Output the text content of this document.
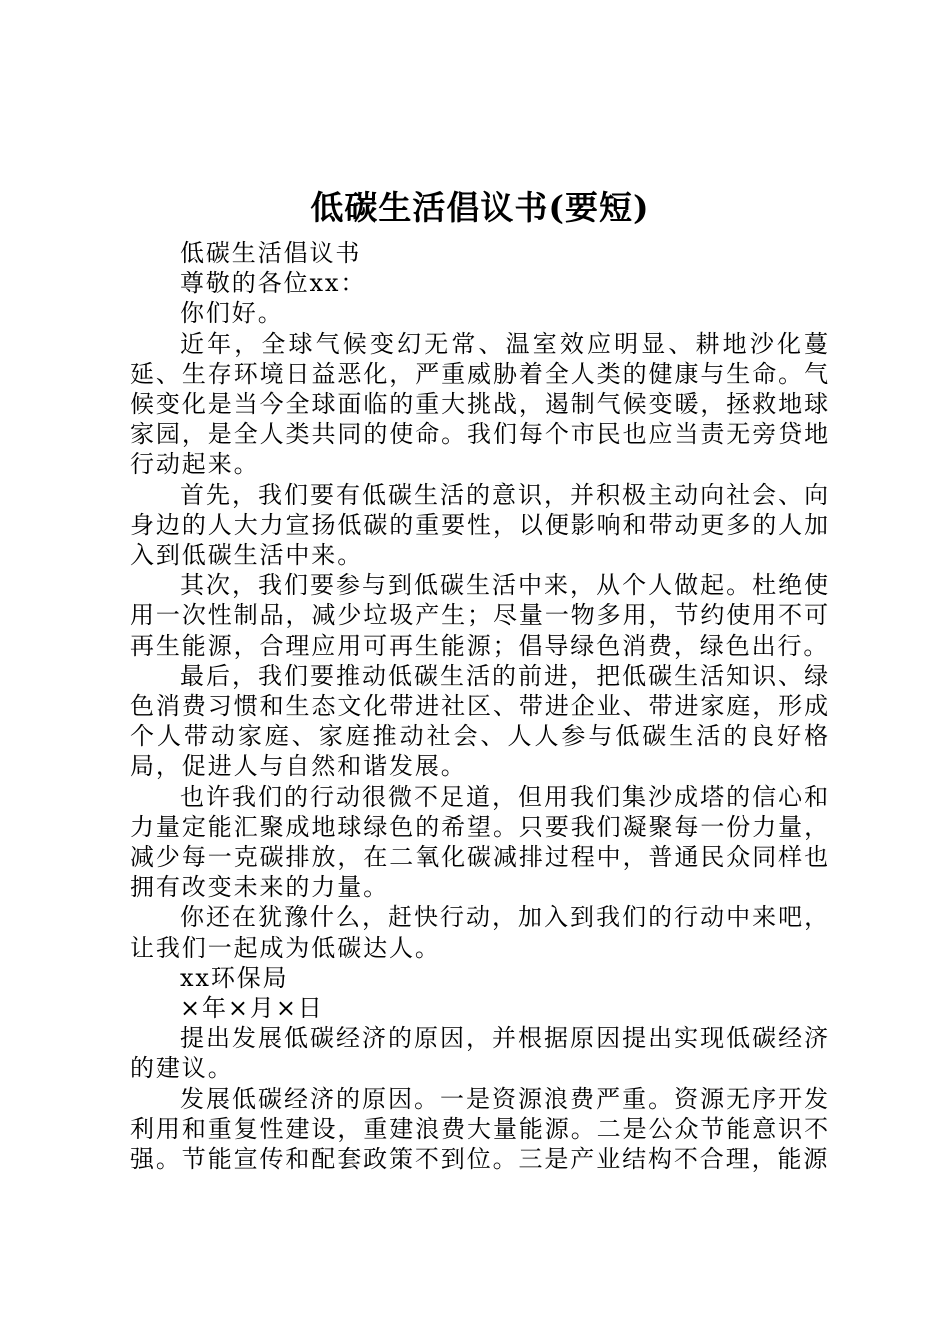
低碳生活倡议书(要短)

低碳生活倡议书

尊敬的各位xx：

你们好。

近年，全球气候变幻无常、温室效应明显、耕地沙化蔓延、生存环境日益恶化，严重威胁着全人类的健康与生命。气候变化是当今全球面临的重大挑战，遏制气候变暖，拯救地球家园，是全人类共同的使命。我们每个市民也应当责无旁贷地行动起来。

首先，我们要有低碳生活的意识，并积极主动向社会、向身边的人大力宣扬低碳的重要性，以便影响和带动更多的人加入到低碳生活中来。

其次，我们要参与到低碳生活中来，从个人做起。杜绝使用一次性制品，减少垃圾产生；尽量一物多用，节约使用不可再生能源，合理应用可再生能源；倡导绿色消费，绿色出行。

最后，我们要推动低碳生活的前进，把低碳生活知识、绿色消费习惯和生态文化带进社区、带进企业、带进家庭，形成个人带动家庭、家庭推动社会、人人参与低碳生活的良好格局，促进人与自然和谐发展。

也许我们的行动很微不足道，但用我们集沙成塔的信心和力量定能汇聚成地球绿色的希望。只要我们凝聚每一份力量，减少每一克碳排放，在二氧化碳减排过程中，普通民众同样也拥有改变未来的力量。

你还在犹豫什么，赶快行动，加入到我们的行动中来吧，让我们一起成为低碳达人。

xx环保局

×年×月×日

提出发展低碳经济的原因，并根据原因提出实现低碳经济的建议。

发展低碳经济的原因。一是资源浪费严重。资源无序开发利用和重复性建设，重建浪费大量能源。二是公众节能意识不强。节能宣传和配套政策不到位。三是产业结构不合理，能源
